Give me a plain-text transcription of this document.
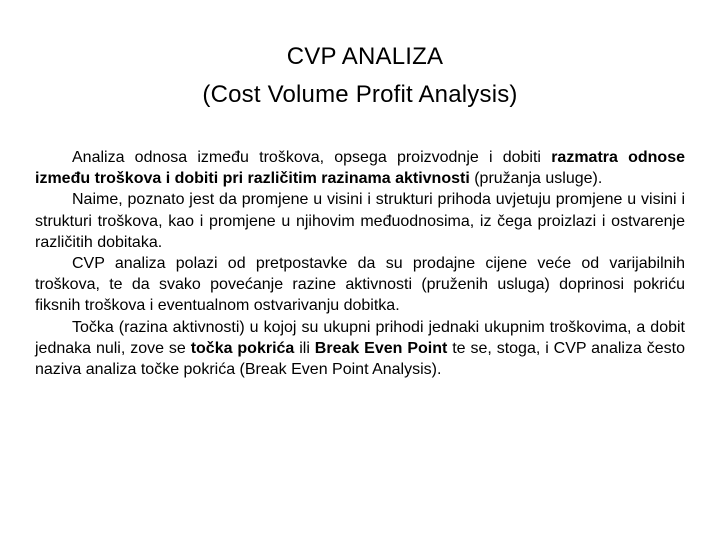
CVP ANALIZA
(Cost Volume Profit Analysis)

Analiza odnosa između troškova, opsega proizvodnje i dobiti razmatra odnose između troškova i dobiti pri različitim razinama aktivnosti (pružanja usluge).

Naime, poznato jest da promjene u visini i strukturi prihoda uvjetuju promjene u visini i strukturi troškova, kao i promjene u njihovim međuodnosima, iz čega proizlazi i ostvarenje različitih dobitaka.

CVP analiza polazi od pretpostavke da su prodajne cijene veće od varijabilnih troškova, te da svako povećanje razine aktivnosti (pruženih usluga) doprinosi pokriću fiksnih troškova i eventualnom ostvarivanju dobitka.

Točka (razina aktivnosti) u kojoj su ukupni prihodi jednaki ukupnim troškovima, a dobit jednaka nuli, zove se točka pokrića ili Break Even Point te se, stoga, i CVP analiza često naziva analiza točke pokrića (Break Even Point Analysis).
